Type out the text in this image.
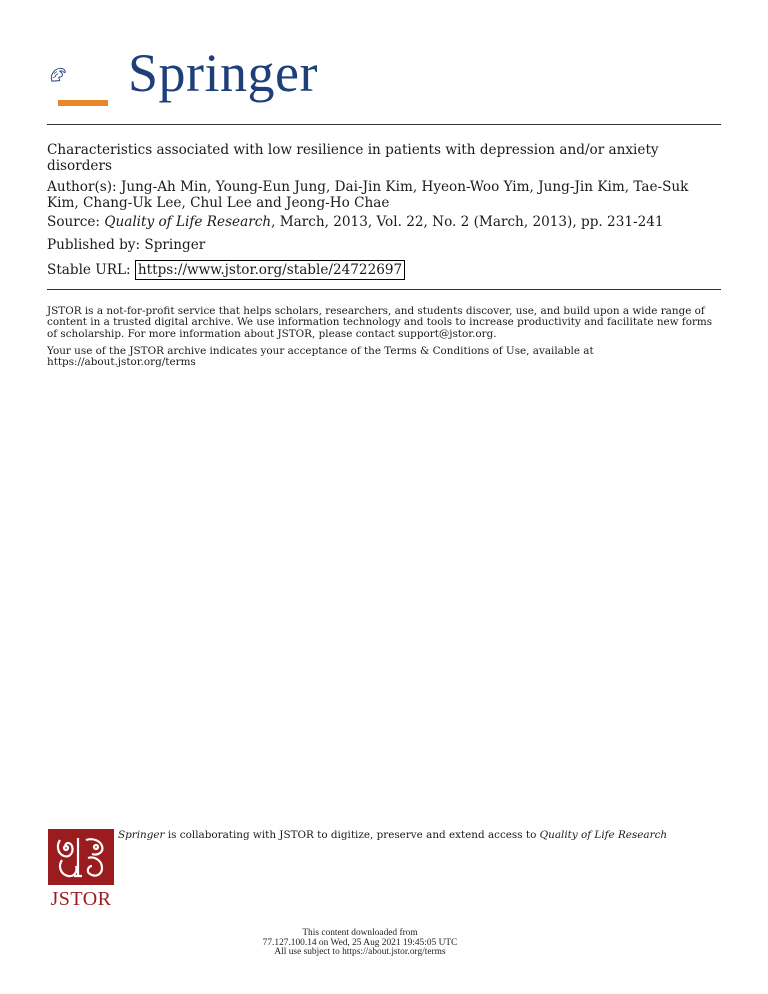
Springer
Characteristics associated with low resilience in patients with depression and/or anxiety disorders
Author(s): Jung-Ah Min, Young-Eun Jung, Dai-Jin Kim, Hyeon-Woo Yim, Jung-Jin Kim, Tae-Suk Kim, Chang-Uk Lee, Chul Lee and Jeong-Ho Chae
Source: Quality of Life Research, March, 2013, Vol. 22, No. 2 (March, 2013), pp. 231-241
Published by: Springer
Stable URL: https://www.jstor.org/stable/24722697
JSTOR is a not-for-profit service that helps scholars, researchers, and students discover, use, and build upon a wide range of content in a trusted digital archive. We use information technology and tools to increase productivity and facilitate new forms of scholarship. For more information about JSTOR, please contact support@jstor.org.
Your use of the JSTOR archive indicates your acceptance of the Terms & Conditions of Use, available at https://about.jstor.org/terms
JSTOR
Springer is collaborating with JSTOR to digitize, preserve and extend access to Quality of Life Research
This content downloaded from
77.127.100.14 on Wed, 25 Aug 2021 19:45:05 UTC
All use subject to https://about.jstor.org/terms
